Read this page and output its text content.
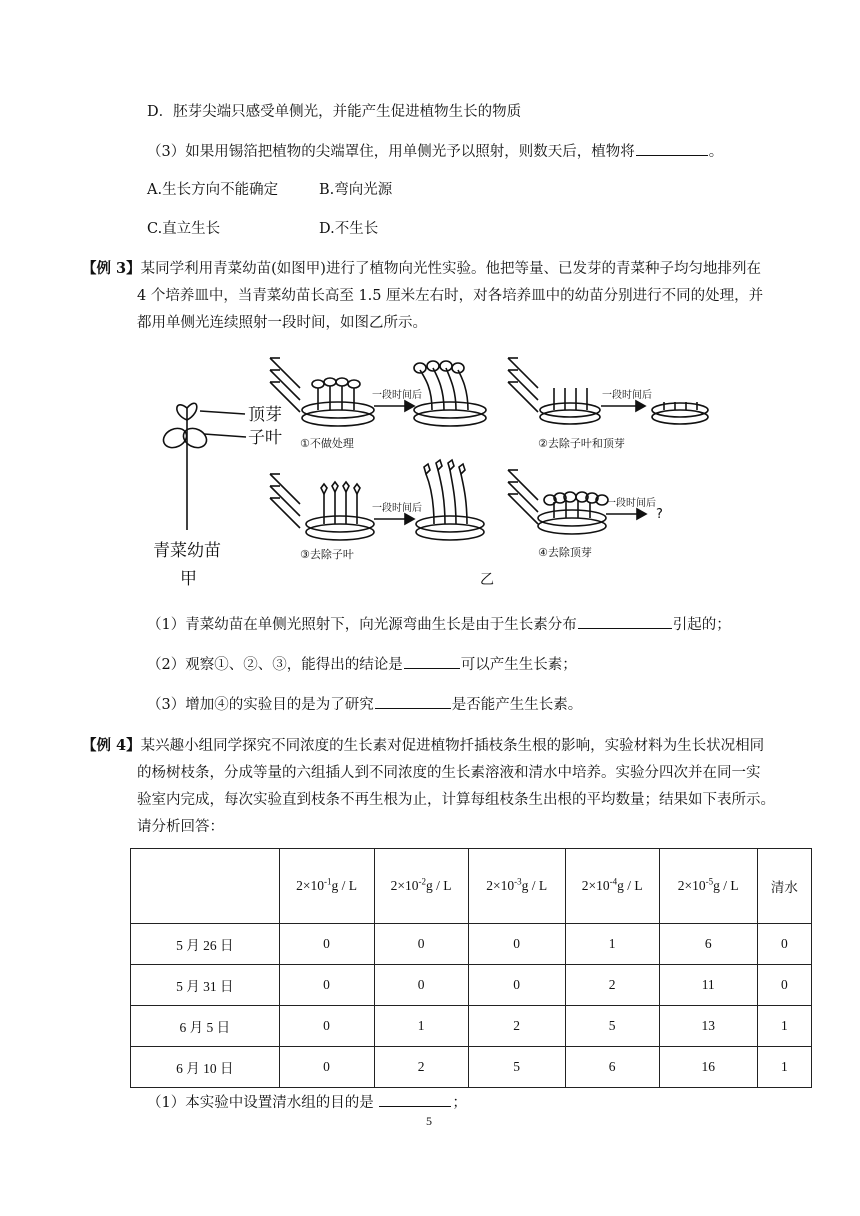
D．胚芽尖端只感受单侧光，并能产生促进植物生长的物质
（3）如果用锡箔把植物的尖端罩住，用单侧光予以照射，则数天后，植物将	。
A.生长方向不能确定	B.弯向光源
C.直立生长	D.不生长
【例 3】某同学利用青菜幼苗(如图甲)进行了植物向光性实验。他把等量、已发芽的青菜种子均匀地排列在
4 个培养皿中，当青菜幼苗长高至 1.5 厘米左右时，对各培养皿中的幼苗分别进行不同的处理，并
都用单侧光连续照射一段时间，如图乙所示。
顶芽
子叶
青菜幼苗
甲	乙
一段时间后	一段时间后
一段时间后	一段时间后
①不做处理	②去除子叶和顶芽
③去除子叶	④去除顶芽
?
（1）青菜幼苗在单侧光照射下，向光源弯曲生长是由于生长素分布	引起的；
（2）观察①、②、③，能得出的结论是	可以产生生长素；
（3）增加④的实验目的是为了研究	是否能产生生长素。
【例 4】某兴趣小组同学探究不同浓度的生长素对促进植物扦插枝条生根的影响，实验材料为生长状况相同
的杨树枝条，分成等量的六组插人到不同浓度的生长素溶液和清水中培养。实验分四次并在同一实
验室内完成，每次实验直到枝条不再生根为止，计算每组枝条生出根的平均数量；结果如下表所示。
请分析回答：
	$2\times 10^{-1}g / L$	$2\times 10^{-2}g / L$	$2\times 10^{-3}g / L$	$2\times 10^{-4}g / L$	$2\times 10^{-5}g / L$	清水
5 月 26 日	0	0	0	1	6	0
5 月 31 日	0	0	0	2	11	0
6 月 5 日	0	1	2	5	13	1
6 月 10 日	0	2	5	6	16	1
（1）本实验中设置清水组的目的是	；
5
